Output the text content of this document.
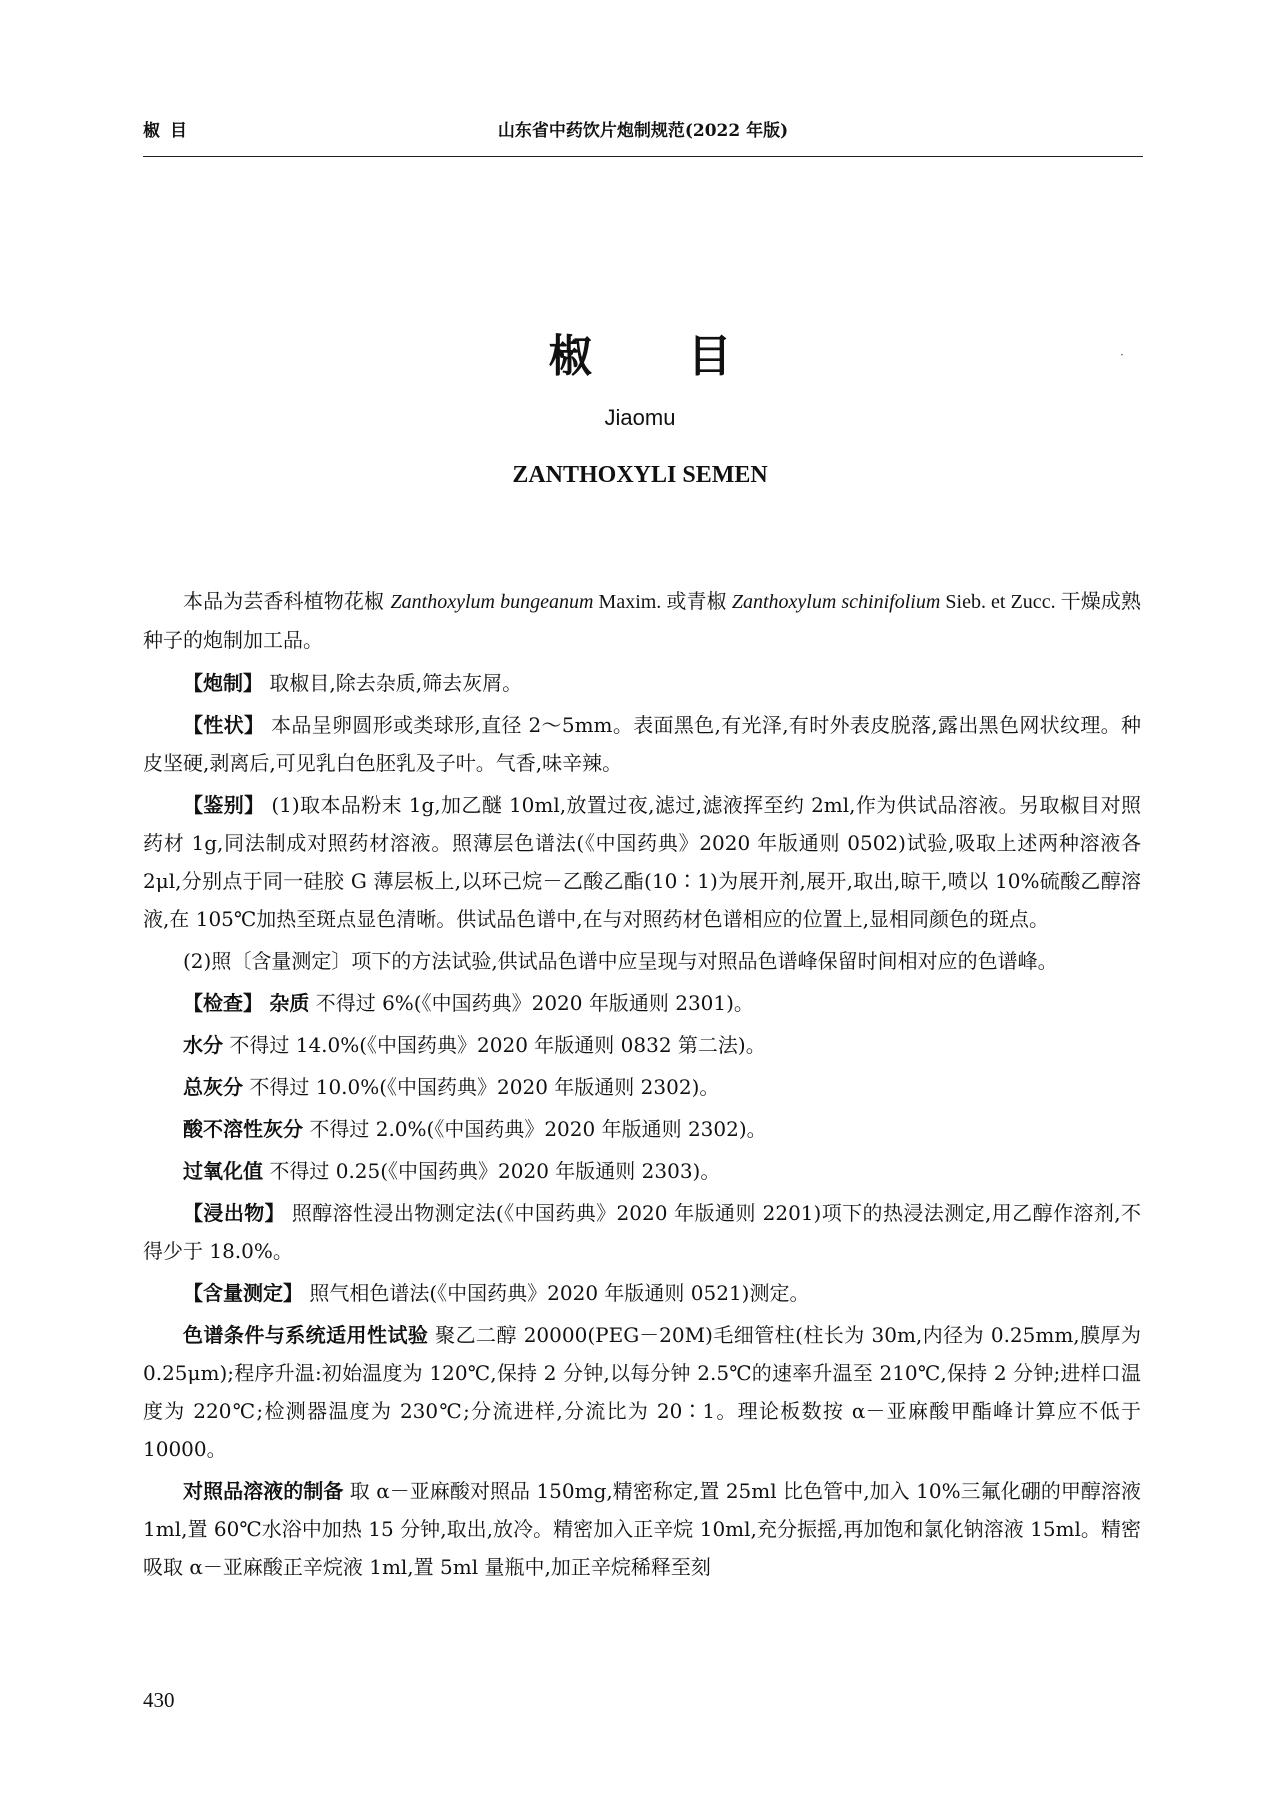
椒目	山东省中药饮片炮制规范(2022 年版)
椒 目	·
Jiaomu
ZANTHOXYLI SEMEN

本品为芸香科植物花椒 Zanthoxylum bungeanum Maxim. 或青椒 Zanthoxylum schinifolium Sieb. et Zucc. 干燥成熟种子的炮制加工品。

【炮制】 取椒目,除去杂质,筛去灰屑。

【性状】 本品呈卵圆形或类球形,直径 2～5mm。表面黑色,有光泽,有时外表皮脱落,露出黑色网状纹理。种皮坚硬,剥离后,可见乳白色胚乳及子叶。气香,味辛辣。

【鉴别】 (1)取本品粉末 1g,加乙醚 10ml,放置过夜,滤过,滤液挥至约 2ml,作为供试品溶液。另取椒目对照药材 1g,同法制成对照药材溶液。照薄层色谱法(《中国药典》2020 年版通则 0502)试验,吸取上述两种溶液各 2μl,分别点于同一硅胶 G 薄层板上,以环己烷－乙酸乙酯(10∶1)为展开剂,展开,取出,晾干,喷以 10%硫酸乙醇溶液,在 105℃加热至斑点显色清晰。供试品色谱中,在与对照药材色谱相应的位置上,显相同颜色的斑点。

(2)照〔含量测定〕项下的方法试验,供试品色谱中应呈现与对照品色谱峰保留时间相对应的色谱峰。

【检查】 杂质 不得过 6%(《中国药典》2020 年版通则 2301)。

水分 不得过 14.0%(《中国药典》2020 年版通则 0832 第二法)。

总灰分 不得过 10.0%(《中国药典》2020 年版通则 2302)。

酸不溶性灰分 不得过 2.0%(《中国药典》2020 年版通则 2302)。

过氧化值 不得过 0.25(《中国药典》2020 年版通则 2303)。

【浸出物】 照醇溶性浸出物测定法(《中国药典》2020 年版通则 2201)项下的热浸法测定,用乙醇作溶剂,不得少于 18.0%。

【含量测定】 照气相色谱法(《中国药典》2020 年版通则 0521)测定。

色谱条件与系统适用性试验 聚乙二醇 20000(PEG－20M)毛细管柱(柱长为 30m,内径为 0.25mm,膜厚为 0.25μm);程序升温:初始温度为 120℃,保持 2 分钟,以每分钟 2.5℃的速率升温至 210℃,保持 2 分钟;进样口温度为 220℃;检测器温度为 230℃;分流进样,分流比为 20∶1。理论板数按 α－亚麻酸甲酯峰计算应不低于 10000。

对照品溶液的制备 取 α－亚麻酸对照品 150mg,精密称定,置 25ml 比色管中,加入 10%三氟化硼的甲醇溶液 1ml,置 60℃水浴中加热 15 分钟,取出,放冷。精密加入正辛烷 10ml,充分振摇,再加饱和氯化钠溶液 15ml。精密吸取 α－亚麻酸正辛烷液 1ml,置 5ml 量瓶中,加正辛烷稀释至刻

430
